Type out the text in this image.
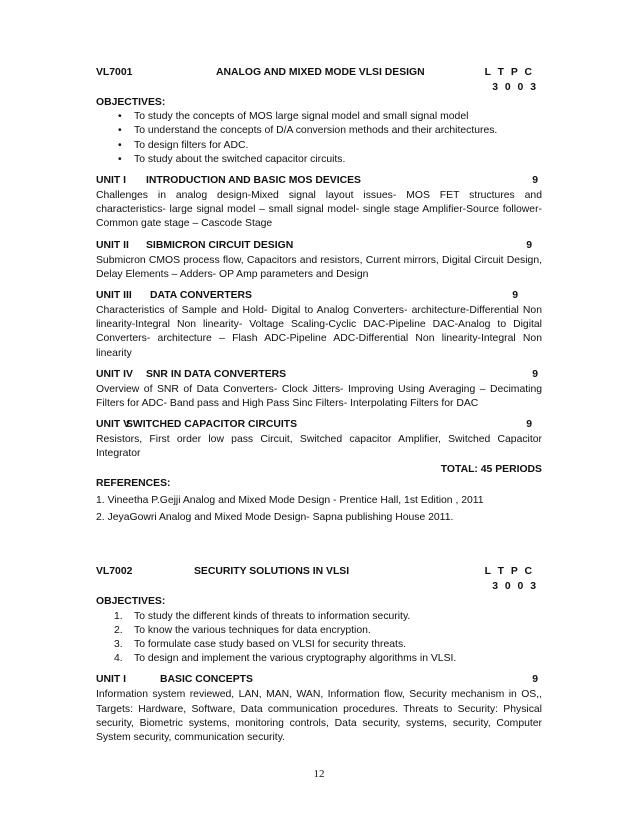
VL7001	ANALOG AND MIXED MODE VLSI DESIGN	L T P C
3 0 0 3
OBJECTIVES:
• To study the concepts of MOS large signal model and small signal model
• To understand the concepts of D/A conversion methods and their architectures.
• To design filters for ADC.
• To study about the switched capacitor circuits.
UNIT I INTRODUCTION AND BASIC MOS DEVICES	9
Challenges in analog design-Mixed signal layout issues- MOS FET structures and characteristics- large signal model – small signal model- single stage Amplifier-Source follower- Common gate stage – Cascode Stage
UNIT II SIBMICRON CIRCUIT DESIGN	9
Submicron CMOS process flow, Capacitors and resistors, Current mirrors, Digital Circuit Design, Delay Elements – Adders- OP Amp parameters and Design
UNIT III DATA CONVERTERS	9
Characteristics of Sample and Hold- Digital to Analog Converters- architecture-Differential Non linearity-Integral Non linearity- Voltage Scaling-Cyclic DAC-Pipeline DAC-Analog to Digital Converters- architecture – Flash ADC-Pipeline ADC-Differential Non linearity-Integral Non linearity
UNIT IV SNR IN DATA CONVERTERS	9
Overview of SNR of Data Converters- Clock Jitters- Improving Using Averaging – Decimating Filters for ADC- Band pass and High Pass Sinc Filters- Interpolating Filters for DAC
UNIT V
SWITCHED CAPACITOR CIRCUITS	9
Resistors, First order low pass Circuit, Switched capacitor Amplifier, Switched Capacitor Integrator
TOTAL: 45 PERIODS
REFERENCES:
1. Vineetha P.Gejji Analog and Mixed Mode Design - Prentice Hall, 1st Edition , 2011
2. JeyaGowri Analog and Mixed Mode Design- Sapna publishing House 2011.
VL7002	SECURITY SOLUTIONS IN VLSI	L T P C
3 0 0 3
OBJECTIVES:
1. To study the different kinds of threats to information security.
2. To know the various techniques for data encryption.
3. To formulate case study based on VLSI for security threats.
4. To design and implement the various cryptography algorithms in VLSI.
UNIT I	BASIC CONCEPTS	9
Information system reviewed, LAN, MAN, WAN, Information flow, Security mechanism in OS,, Targets: Hardware, Software, Data communication procedures. Threats to Security: Physical security, Biometric systems, monitoring controls, Data security, systems, security, Computer System security, communication security.
12
